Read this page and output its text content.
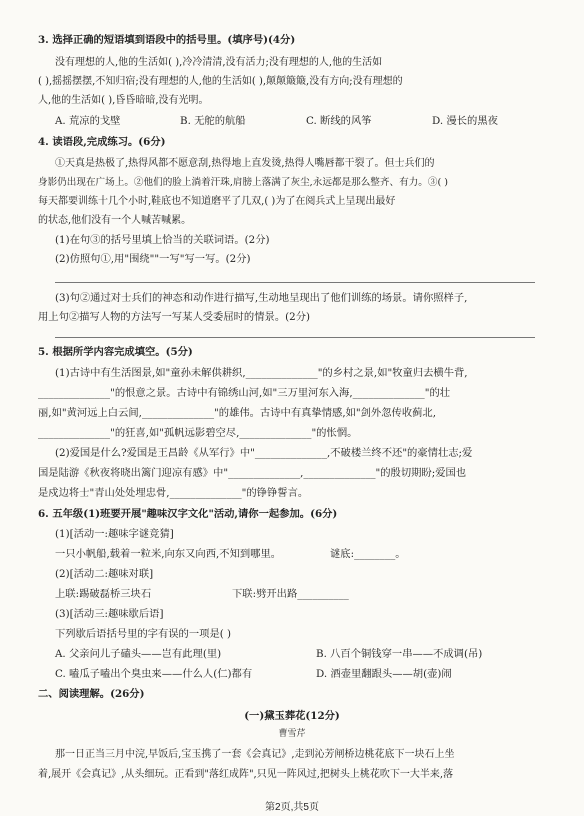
3. 选择正确的短语填到语段中的括号里。(填序号)(4分)
没有理想的人,他的生活如( ),冷冷清清,没有活力;没有理想的人,他的生活如
( ),摇摇摆摆,不知归宿;没有理想的人,他的生活如( ),颠颠簸簸,没有方向;没有理想的
人,他的生活如( ),昏昏暗暗,没有光明。
A. 荒凉的戈壁	B. 无舵的航船	C. 断线的风筝	D. 漫长的黑夜
4. 读语段,完成练习。(6分)
①天真是热极了,热得风都不愿意刮,热得地上直发烫,热得人嘴唇都干裂了。但士兵们的
身影仍出现在广场上。②他们的脸上淌着汗珠,肩膀上落满了灰尘,永远都是那么整齐、有力。③( )
每天都要训练十几个小时,鞋底也不知道磨平了几双,( )为了在阅兵式上呈现出最好
的状态,他们没有一个人喊苦喊累。
(1)在句③的括号里填上恰当的关联词语。(2分)
(2)仿照句①,用"围绕""一写"写一写。(2分)
(3)句②通过对士兵们的神态和动作进行描写,生动地呈现出了他们训练的场景。请你照样子,
用上句②描写人物的方法写一写某人受委屈时的情景。(2分)
5. 根据所学内容完成填空。(5分)
(1)古诗中有生活图景,如"童孙未解供耕织,______________"的乡村之景,如"牧童归去横牛背,
______________"的恨意之景。古诗中有锦绣山河,如"三万里河东入海,______________"的壮
丽,如"黄河远上白云间,______________"的雄伟。古诗中有真挚情感,如"剑外忽传收蓟北,
______________"的狂喜,如"孤帆远影碧空尽,______________"的怅惘。
(2)爱国是什么?爱国是王昌龄《从军行》中"______________,不破楼兰终不还"的豪情壮志;爱
国是陆游《秋夜将晓出篱门迎凉有感》中"______________,______________"的殷切期盼;爱国也
是戍边将士"青山处处埋忠骨,______________"的铮铮誓言。
6. 五年级(1)班要开展"趣味汉字文化"活动,请你一起参加。(6分)
(1)[活动一:趣味字谜竞猜]
一只小帆船,载着一粒米,向东又向西,不知到哪里。	谜底:________。
(2)[活动二:趣味对联]
上联:踢破磊桥三块石	下联:劈开出路__________
(3)[活动三:趣味歇后语]
下列歇后语括号里的字有误的一项是( )
A. 父亲问儿子磕头——岂有此理(里)	B. 八百个铜钱穿一串——不成调(吊)
C. 嗑瓜子嗑出个臭虫来——什么人(仁)都有	D. 酒壶里翻跟头——胡(壶)闹
二、阅读理解。(26分)
(一)黛玉葬花(12分)
曹雪芹
那一日正当三月中浣,早饭后,宝玉携了一套《会真记》,走到沁芳闸桥边桃花底下一块石上坐
着,展开《会真记》,从头细玩。正看到"落红成阵",只见一阵风过,把树头上桃花吹下一大半来,落
第2页,共5页
